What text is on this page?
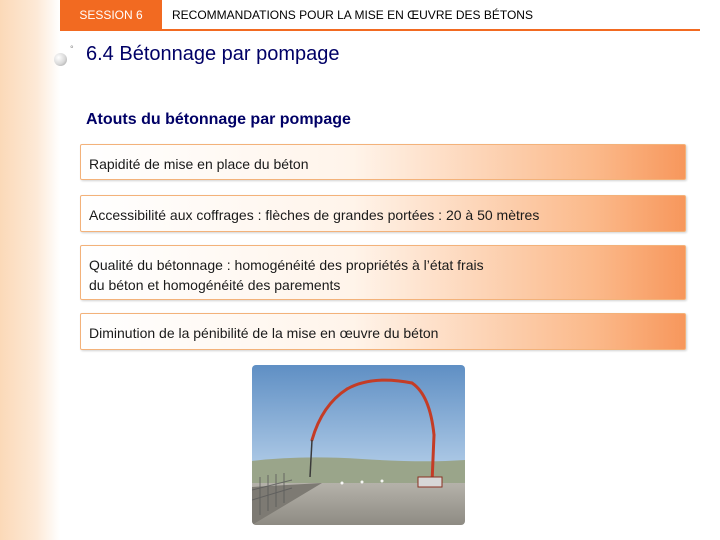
SESSION 6 RECOMMANDATIONS POUR LA MISE EN ŒUVRE DES BÉTONS
° 6.4 Bétonnage par pompage
Atouts du bétonnage par pompage
Rapidité de mise en place du béton
Accessibilité aux coffrages : flèches de grandes portées : 20 à 50 mètres
Qualité du bétonnage : homogénéité des propriétés à l’état frais
du béton et homogénéité des parements
Diminution de la pénibilité de la mise en œuvre du béton
